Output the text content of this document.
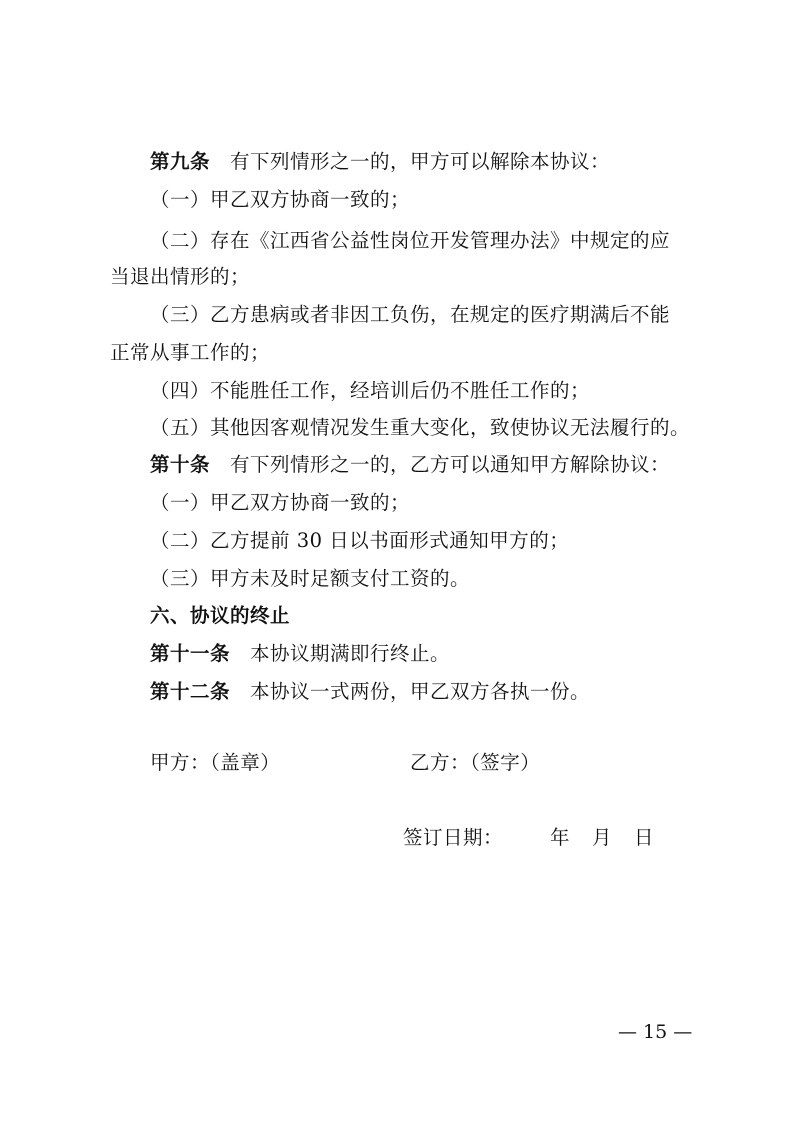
第九条 有下列情形之一的，甲方可以解除本协议：
（一）甲乙双方协商一致的；
（二）存在《江西省公益性岗位开发管理办法》中规定的应
当退出情形的；
（三）乙方患病或者非因工负伤，在规定的医疗期满后不能
正常从事工作的；
（四）不能胜任工作，经培训后仍不胜任工作的；
（五）其他因客观情况发生重大变化，致使协议无法履行的。
第十条 有下列情形之一的，乙方可以通知甲方解除协议：
（一）甲乙双方协商一致的；
（二）乙方提前 30 日以书面形式通知甲方的；
（三）甲方未及时足额支付工资的。
六、协议的终止
第十一条 本协议期满即行终止。
第十二条 本协议一式两份，甲乙双方各执一份。
甲方：（盖章）	乙方：（签字）
签订日期： 年 月 日
— 15 —
